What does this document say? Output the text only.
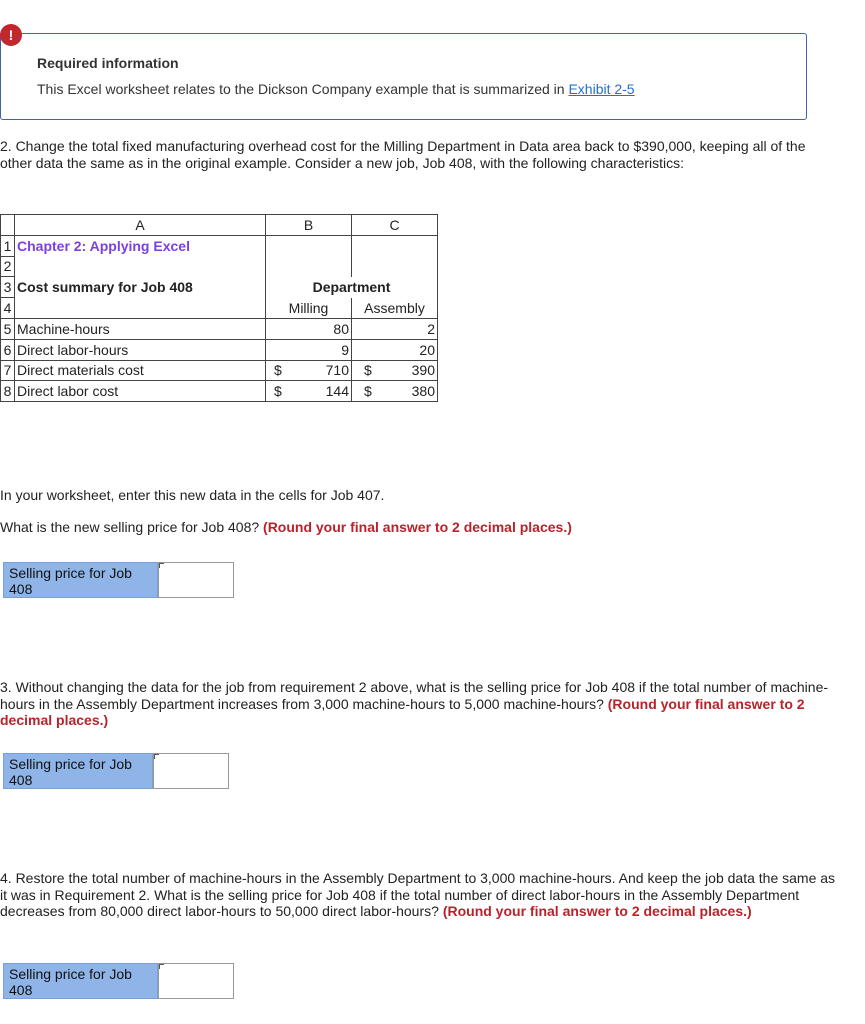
!
Required information
This Excel worksheet relates to the Dickson Company example that is summarized in Exhibit 2-5
2. Change the total fixed manufacturing overhead cost for the Milling Department in Data area back to $390,000, keeping all of the other data the same as in the original example. Consider a new job, Job 408, with the following characteristics:
	A	B	C
1	Chapter 2: Applying Excel		
2			
3	Cost summary for Job 408	Department	
4		Milling	Assembly
5	Machine-hours	80	2
6	Direct labor-hours	9	20
7	Direct materials cost	$ 710	$ 390
8	Direct labor cost	$ 144	$ 380
In your worksheet, enter this new data in the cells for Job 407.
What is the new selling price for Job 408? (Round your final answer to 2 decimal places.)
Selling price for Job 408
3. Without changing the data for the job from requirement 2 above, what is the selling price for Job 408 if the total number of machine-hours in the Assembly Department increases from 3,000 machine-hours to 5,000 machine-hours? (Round your final answer to 2 decimal places.)
Selling price for Job 408
4. Restore the total number of machine-hours in the Assembly Department to 3,000 machine-hours. And keep the job data the same as it was in Requirement 2. What is the selling price for Job 408 if the total number of direct labor-hours in the Assembly Department decreases from 80,000 direct labor-hours to 50,000 direct labor-hours? (Round your final answer to 2 decimal places.)
Selling price for Job 408
